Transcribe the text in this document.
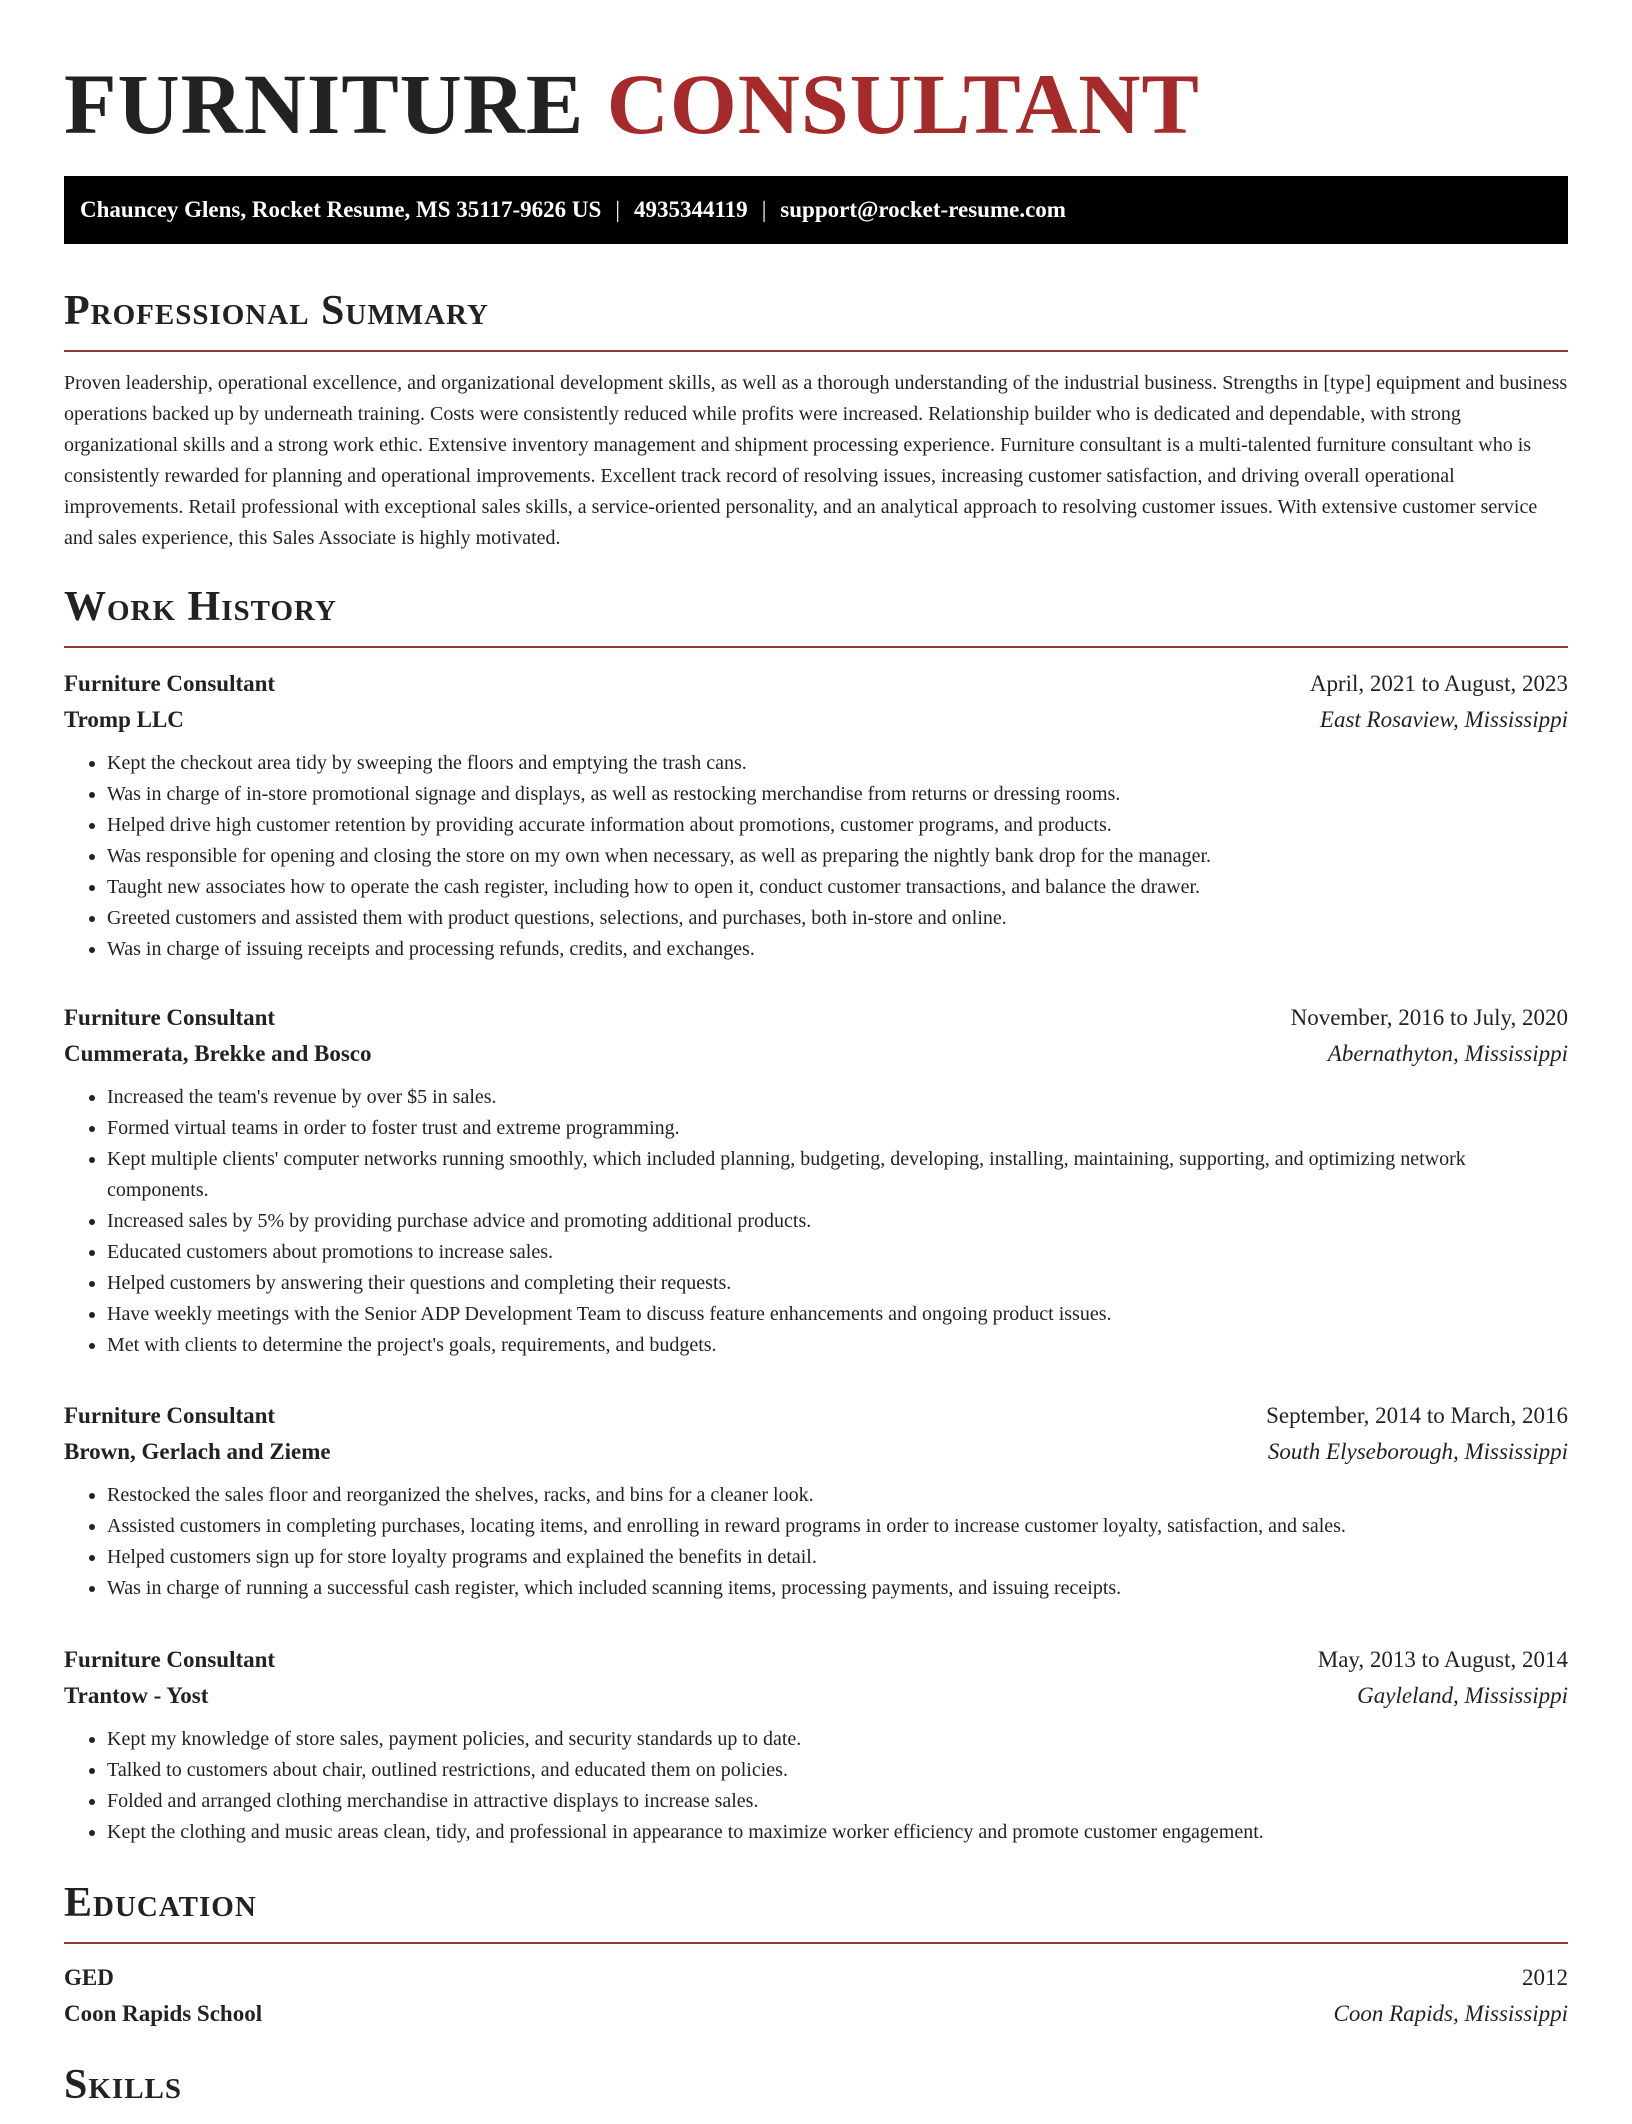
FURNITURE CONSULTANT
Chauncey Glens, Rocket Resume, MS 35117-9626 US | 4935344119 | support@rocket-resume.com
Professional Summary

Proven leadership, operational excellence, and organizational development skills, as well as a thorough understanding of the industrial business. Strengths in [type] equipment and business operations backed up by underneath training. Costs were consistently reduced while profits were increased. Relationship builder who is dedicated and dependable, with strong organizational skills and a strong work ethic. Extensive inventory management and shipment processing experience. Furniture consultant is a multi-talented furniture consultant who is consistently rewarded for planning and operational improvements. Excellent track record of resolving issues, increasing customer satisfaction, and driving overall operational improvements. Retail professional with exceptional sales skills, a service-oriented personality, and an analytical approach to resolving customer issues. With extensive customer service and sales experience, this Sales Associate is highly motivated.

Work History
Furniture Consultant	April, 2021 to August, 2023
Tromp LLC	East Rosaview, Mississippi
• Kept the checkout area tidy by sweeping the floors and emptying the trash cans.
• Was in charge of in-store promotional signage and displays, as well as restocking merchandise from returns or dressing rooms.
• Helped drive high customer retention by providing accurate information about promotions, customer programs, and products.
• Was responsible for opening and closing the store on my own when necessary, as well as preparing the nightly bank drop for the manager.
• Taught new associates how to operate the cash register, including how to open it, conduct customer transactions, and balance the drawer.
• Greeted customers and assisted them with product questions, selections, and purchases, both in-store and online.
• Was in charge of issuing receipts and processing refunds, credits, and exchanges.
Furniture Consultant	November, 2016 to July, 2020
Cummerata, Brekke and Bosco	Abernathyton, Mississippi
• Increased the team's revenue by over $5 in sales.
• Formed virtual teams in order to foster trust and extreme programming.
• Kept multiple clients' computer networks running smoothly, which included planning, budgeting, developing, installing, maintaining, supporting, and optimizing network components.
• Increased sales by 5% by providing purchase advice and promoting additional products.
• Educated customers about promotions to increase sales.
• Helped customers by answering their questions and completing their requests.
• Have weekly meetings with the Senior ADP Development Team to discuss feature enhancements and ongoing product issues.
• Met with clients to determine the project's goals, requirements, and budgets.
Furniture Consultant	September, 2014 to March, 2016
Brown, Gerlach and Zieme	South Elyseborough, Mississippi
• Restocked the sales floor and reorganized the shelves, racks, and bins for a cleaner look.
• Assisted customers in completing purchases, locating items, and enrolling in reward programs in order to increase customer loyalty, satisfaction, and sales.
• Helped customers sign up for store loyalty programs and explained the benefits in detail.
• Was in charge of running a successful cash register, which included scanning items, processing payments, and issuing receipts.
Furniture Consultant	May, 2013 to August, 2014
Trantow - Yost	Gayleland, Mississippi
• Kept my knowledge of store sales, payment policies, and security standards up to date.
• Talked to customers about chair, outlined restrictions, and educated them on policies.
• Folded and arranged clothing merchandise in attractive displays to increase sales.
• Kept the clothing and music areas clean, tidy, and professional in appearance to maximize worker efficiency and promote customer engagement.
Education
GED	2012
Coon Rapids School	Coon Rapids, Mississippi
Skills
